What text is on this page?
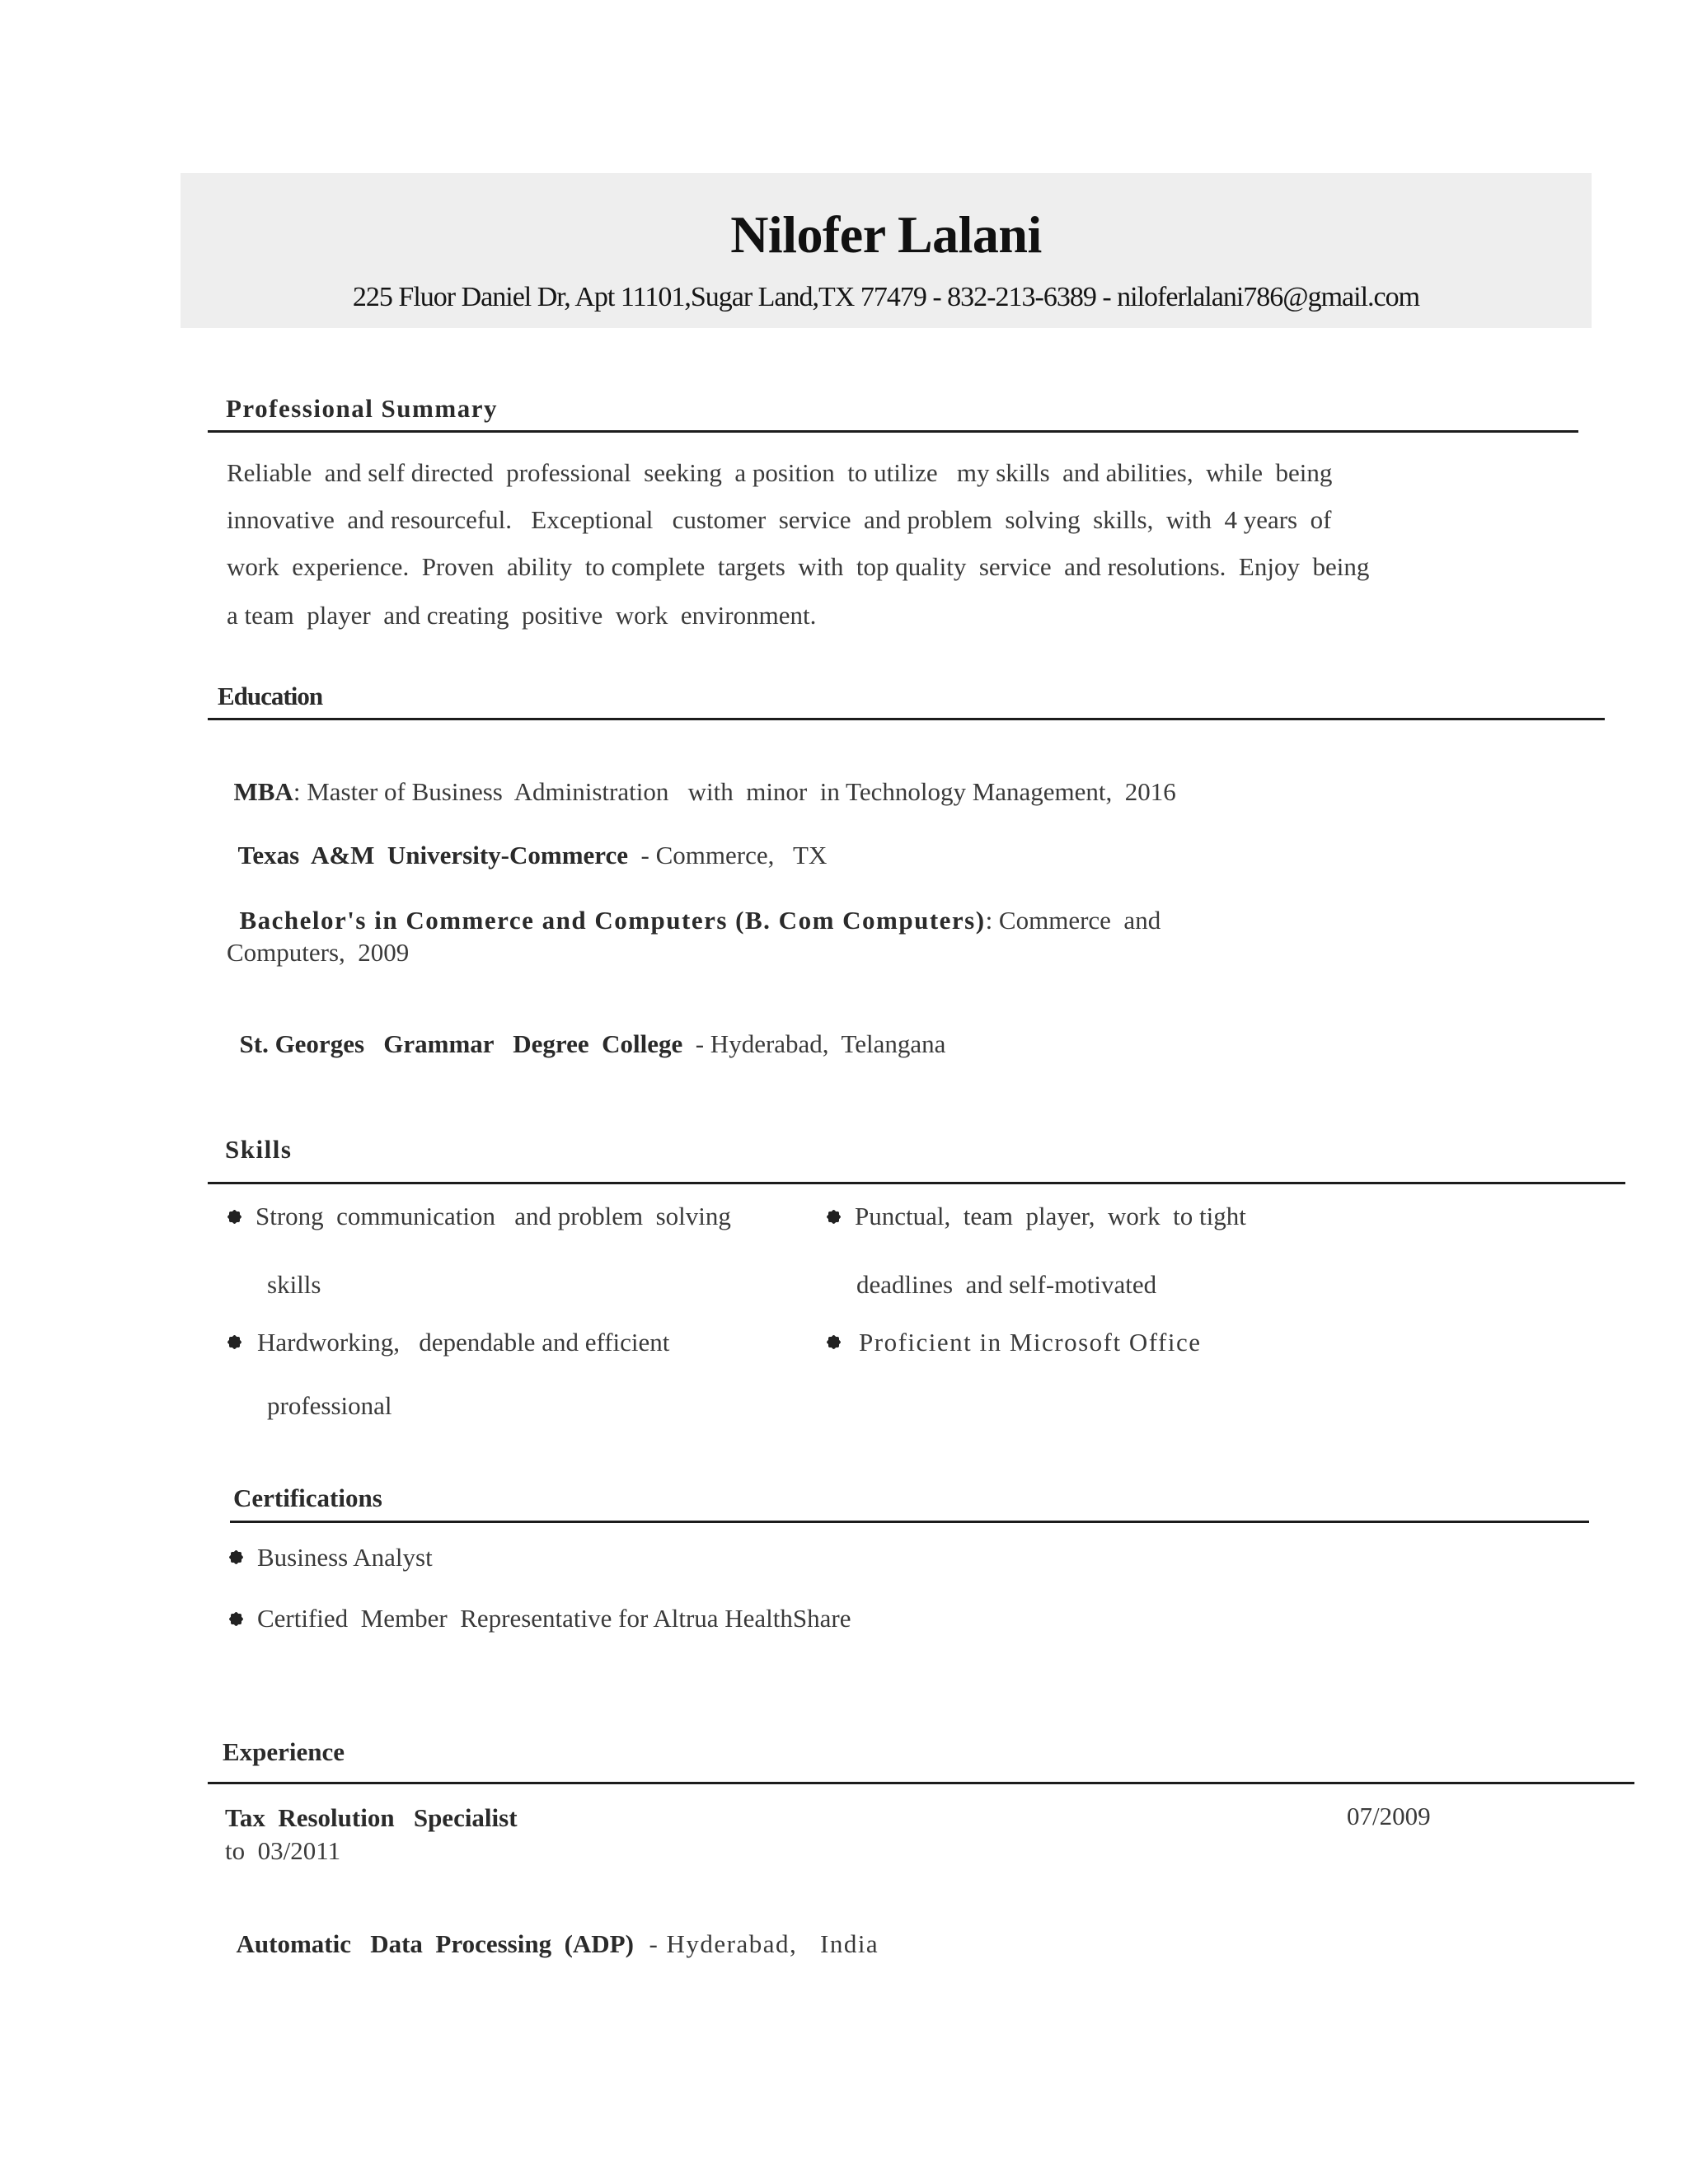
Nilofer Lalani
225 Fluor Daniel Dr, Apt 11101,Sugar Land,TX 77479 - 832-213-6389 - niloferlalani786@gmail.com
Professional Summary
Reliable  and self directed  professional  seeking  a position  to utilize   my skills  and abilities,  while  being
innovative  and resourceful.   Exceptional   customer  service  and problem  solving  skills,  with  4 years  of
work  experience.  Proven  ability  to complete  targets  with  top quality  service  and resolutions.  Enjoy  being
a team  player  and creating  positive  work  environment.
Education

MBA: Master of Business  Administration   with  minor  in Technology Management,  2016

Texas  A&M  University-Commerce  - Commerce,   TX

Bachelor's in Commerce and Computers (B. Com Computers): Commerce  and

Computers,  2009

St. Georges   Grammar   Degree  College  - Hyderabad,  Telangana

Skills
Strong  communication   and problem  solving
skills
Punctual,  team  player,  work  to tight
deadlines  and self-motivated
Hardworking,   dependable and efficient
professional
Proficient in Microsoft Office
Certifications
Business Analyst
Certified  Member  Representative for Altrua HealthShare
Experience
Tax  Resolution   Specialist	07/2009
to  03/2011

Automatic   Data  Processing  (ADP)  - Hyderabad,   India
